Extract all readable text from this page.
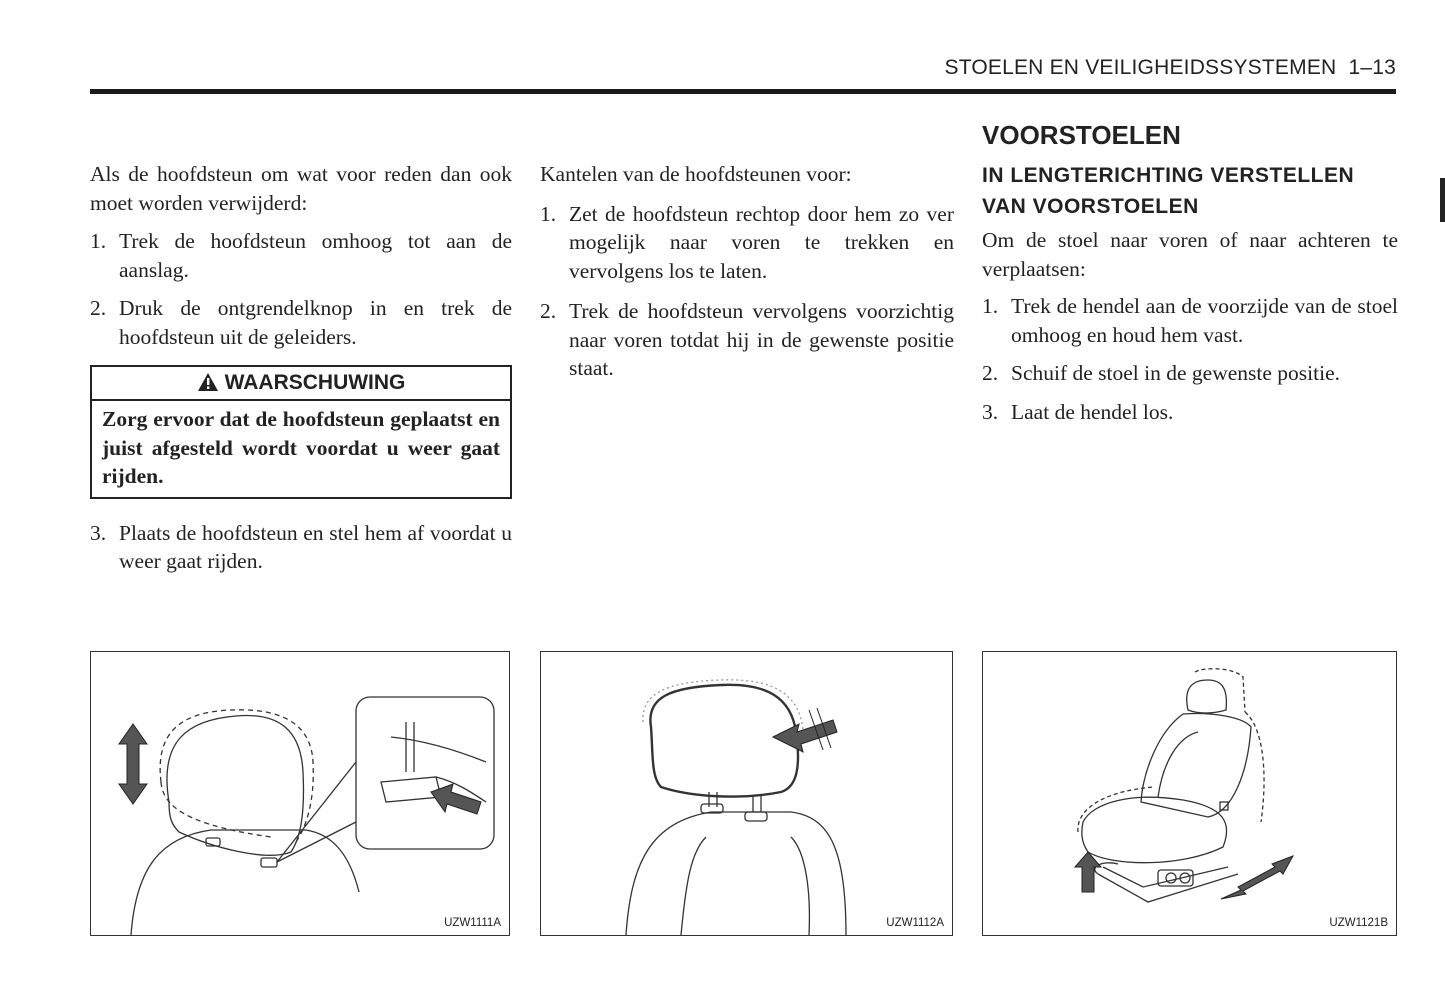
STOELEN EN VEILIGHEIDSSYSTEMEN 1–13

Als de hoofdsteun om wat voor reden dan ook moet worden verwijderd:

1. Trek de hoofdsteun omhoog tot aan de aanslag.
2. Druk de ontgrendelknop in en trek de hoofdsteun uit de geleiders.
WAARSCHUWING
Zorg ervoor dat de hoofdsteun geplaatst en juist afgesteld wordt voordat u weer gaat rijden.
3. Plaats de hoofdsteun en stel hem af voordat u weer gaat rijden.

Kantelen van de hoofdsteunen voor:

1. Zet de hoofdsteun rechtop door hem zo ver mogelijk naar voren te trekken en vervolgens los te laten.
2. Trek de hoofdsteun vervolgens voorzichtig naar voren totdat hij in de gewenste positie staat.
VOORSTOELEN
IN LENGTERICHTING VERSTELLEN VAN VOORSTOELEN

Om de stoel naar voren of naar achteren te verplaatsen:

1. Trek de hendel aan de voorzijde van de stoel omhoog en houd hem vast.
2. Schuif de stoel in de gewenste positie.
3. Laat de hendel los.
UZW1111A	UZW1112A	UZW1121B
